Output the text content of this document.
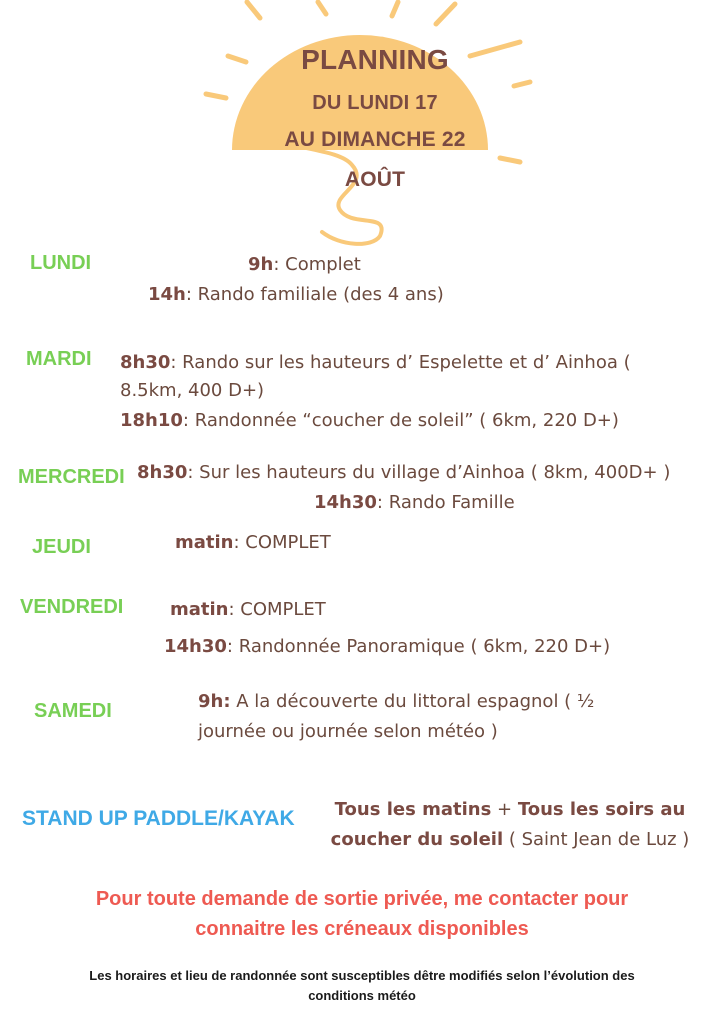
PLANNING
DU LUNDI 17
AU DIMANCHE 22
AOÛT
LUNDI	9h: Complet
14h: Rando familiale (des 4 ans)
MARDI 8h30: Rando sur les hauteurs d’ Espelette et d’ Ainhoa (
8.5km, 400 D+)
18h10: Randonnée “coucher de soleil” ( 6km, 220 D+)
MERCREDI 8h30: Sur les hauteurs du village d’Ainhoa ( 8km, 400D+ )
14h30: Rando Famille
JEUDI	matin: COMPLET
VENDREDI	matin: COMPLET
14h30: Randonnée Panoramique ( 6km, 220 D+)
SAMEDI	9h: A la découverte du littoral espagnol ( ½
journée ou journée selon météo )
STAND UP PADDLE/KAYAK	Tous les matins + Tous les soirs au
coucher du soleil ( Saint Jean de Luz )
Pour toute demande de sortie privée, me contacter pour
connaitre les créneaux disponibles
Les horaires et lieu de randonnée sont susceptibles dêtre modifiés selon l’évolution des
conditions météo
